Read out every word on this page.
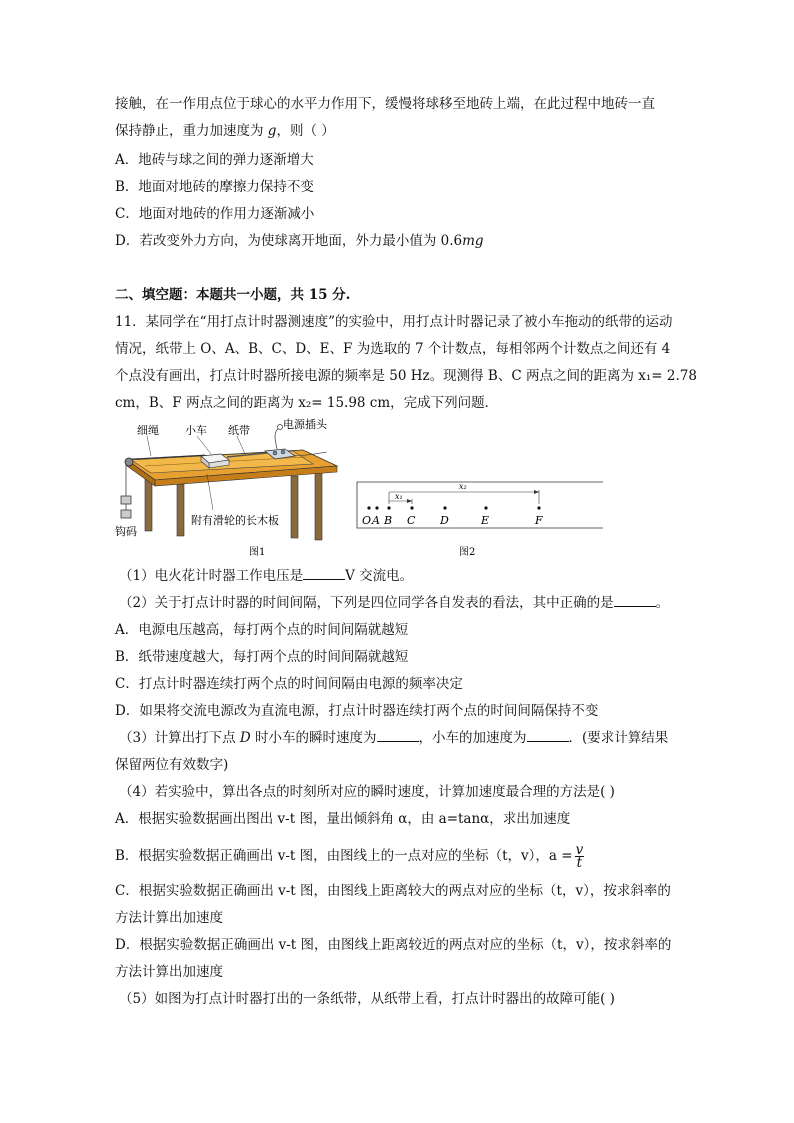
接触，在一作用点位于球心的水平力作用下，缓慢将球移至地砖上端，在此过程中地砖一直
保持静止，重力加速度为 g，则（ ）
A．地砖与球之间的弹力逐渐增大
B．地面对地砖的摩擦力保持不变
C．地面对地砖的作用力逐渐减小
D．若改变外力方向，为使球离开地面，外力最小值为 0.6mg
二、填空题：本题共一小题，共 15 分.
11．某同学在“用打点计时器测速度”的实验中，用打点计时器记录了被小车拖动的纸带的运动
情况，纸带上 O、A、B、C、D、E、F 为选取的 7 个计数点，每相邻两个计数点之间还有 4
个点没有画出，打点计时器所接电源的频率是 50 Hz。现测得 B、C 两点之间的距离为 x₁= 2.78
cm，B、F 两点之间的距离为 x₂= 15.98 cm，完成下列问题．
细绳 小车 纸带	电源插头
附有滑轮的长木板
钩码
图1
x₁
x₂
O A B C D	E	F
图2
（1）电火花计时器工作电压是	V 交流电。
（2）关于打点计时器的时间间隔，下列是四位同学各自发表的看法，其中正确的是	。
A．电源电压越高，每打两个点的时间间隔就越短
B．纸带速度越大，每打两个点的时间间隔就越短
C．打点计时器连续打两个点的时间间隔由电源的频率决定
D．如果将交流电源改为直流电源，打点计时器连续打两个点的时间间隔保持不变
（3）计算出打下点 D 时小车的瞬时速度为	，小车的加速度为	．(要求计算结果
保留两位有效数字)
（4）若实验中，算出各点的时刻所对应的瞬时速度，计算加速度最合理的方法是( )
A．根据实验数据画出图出 v-t 图，量出倾斜角 α，由 a=tanα，求出加速度
B．根据实验数据正确画出 v-t 图，由图线上的一点对应的坐标（t，v），$a = \frac{v}{t}$
C．根据实验数据正确画出 v-t 图，由图线上距离较大的两点对应的坐标（t，v），按求斜率的
方法计算出加速度
D．根据实验数据正确画出 v-t 图，由图线上距离较近的两点对应的坐标（t，v），按求斜率的
方法计算出加速度
（5）如图为打点计时器打出的一条纸带，从纸带上看，打点计时器出的故障可能( )
